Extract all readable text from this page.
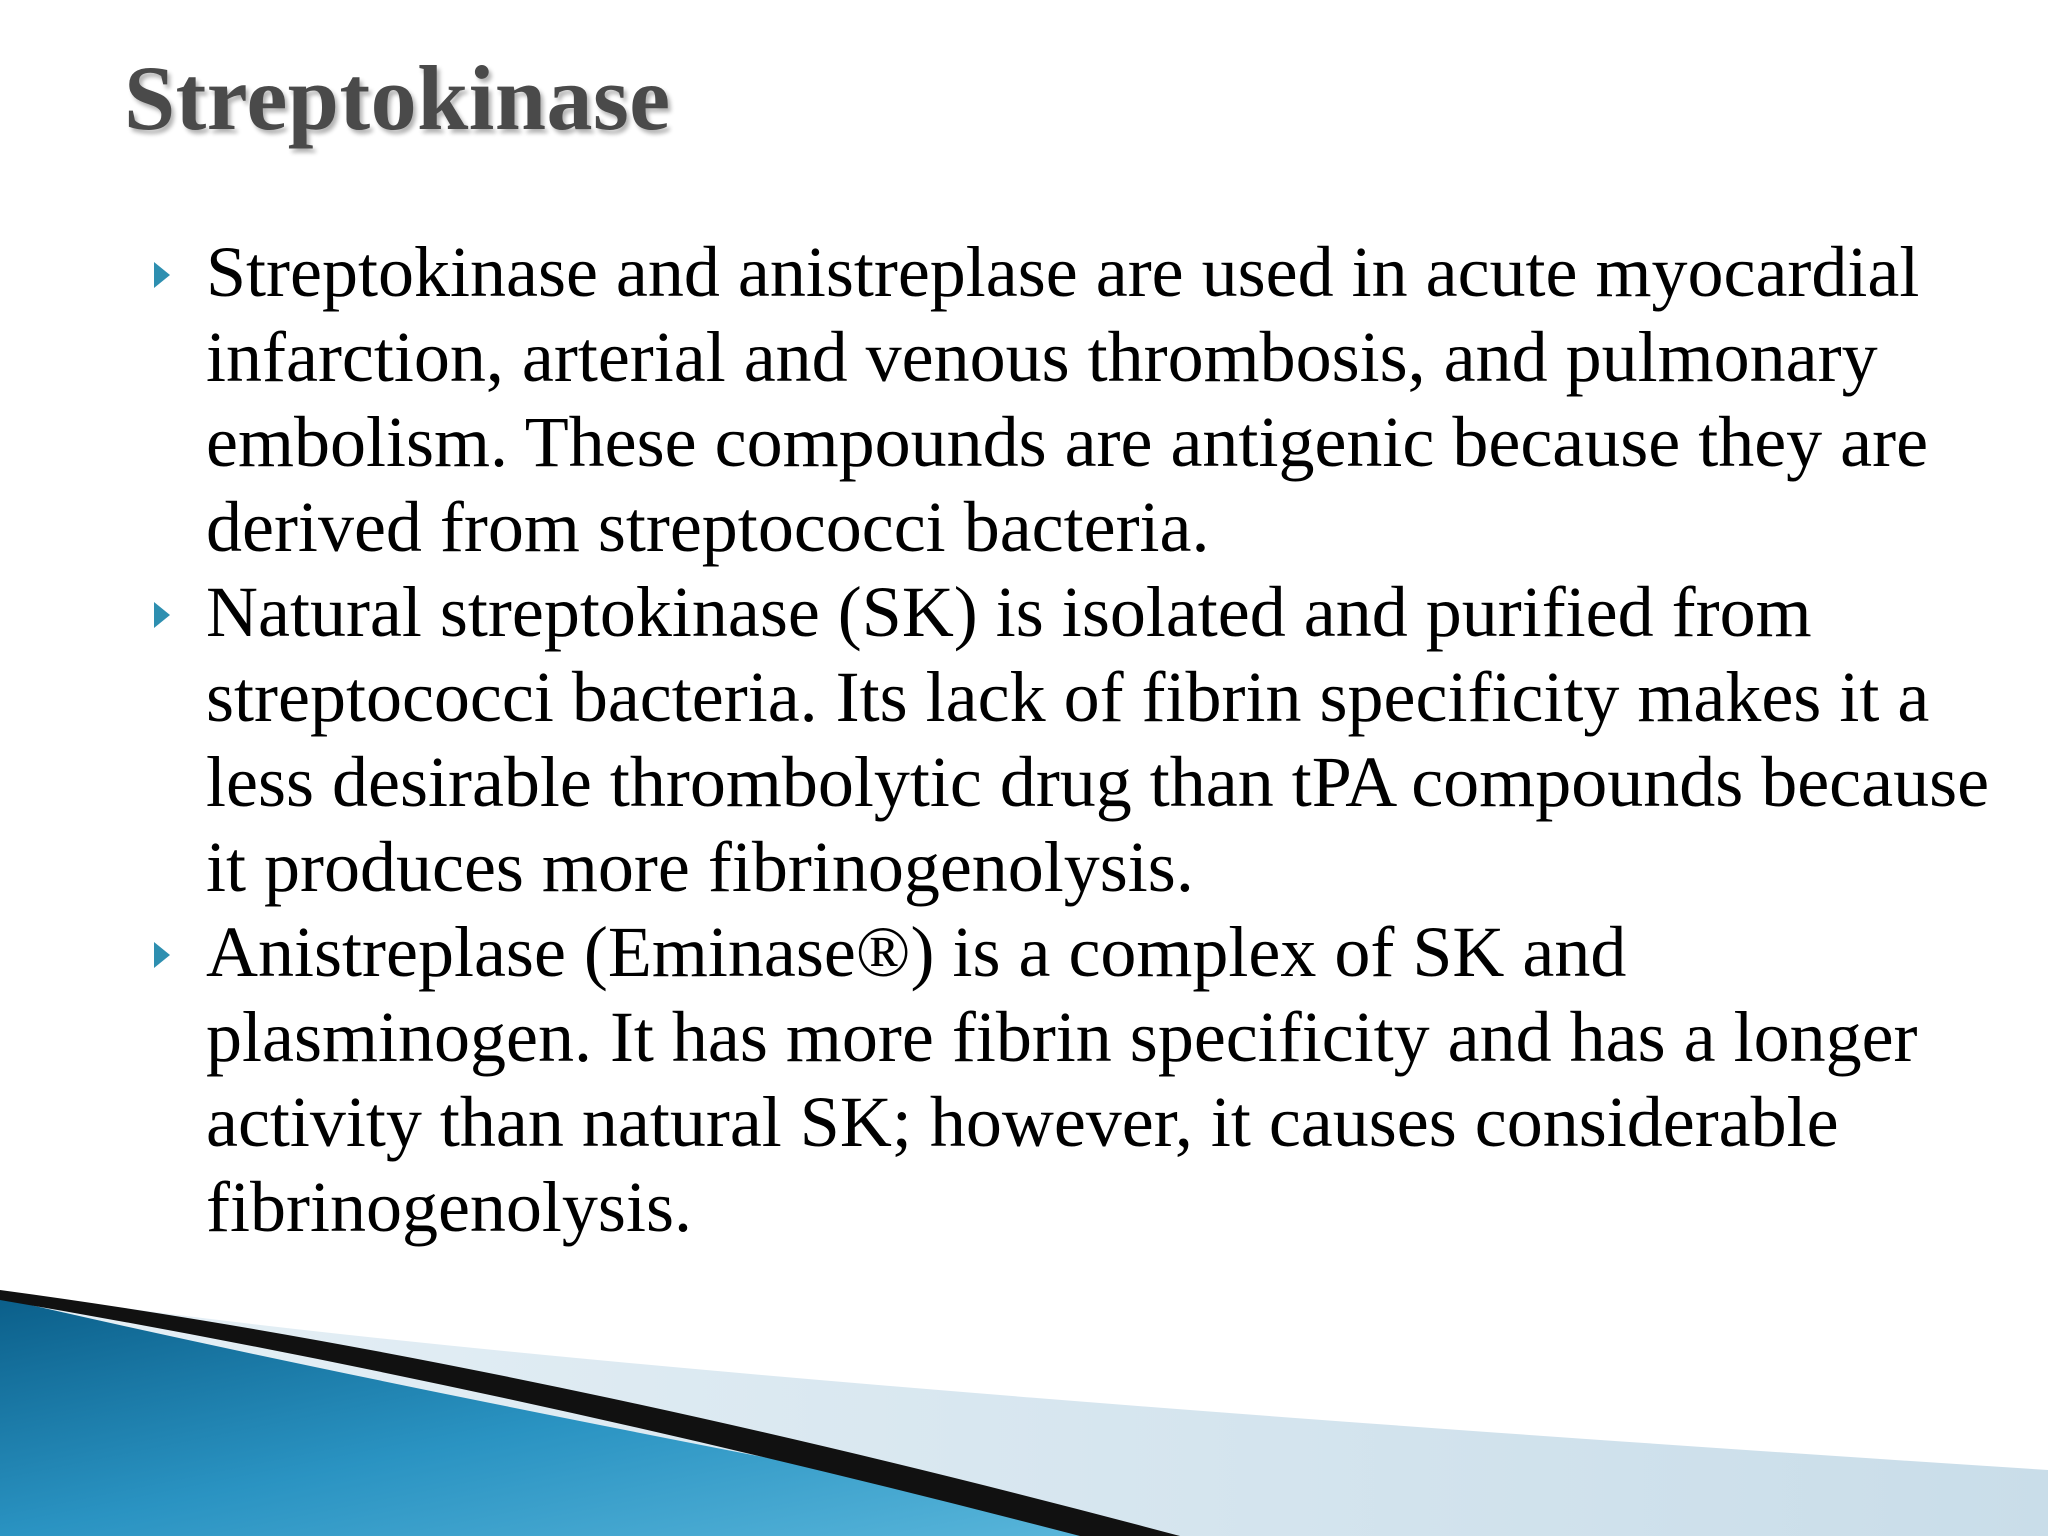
Streptokinase
Streptokinase and anistreplase are used in acute myocardial infarction, arterial and venous thrombosis, and pulmonary embolism. These compounds are antigenic because they are derived from streptococci bacteria.
Natural streptokinase (SK) is isolated and purified from streptococci bacteria. Its lack of fibrin specificity makes it a less desirable thrombolytic drug than tPA compounds because it produces more fibrinogenolysis.
Anistreplase (Eminase®) is a complex of SK and plasminogen. It has more fibrin specificity and has a longer activity than natural SK; however, it causes considerable fibrinogenolysis.
